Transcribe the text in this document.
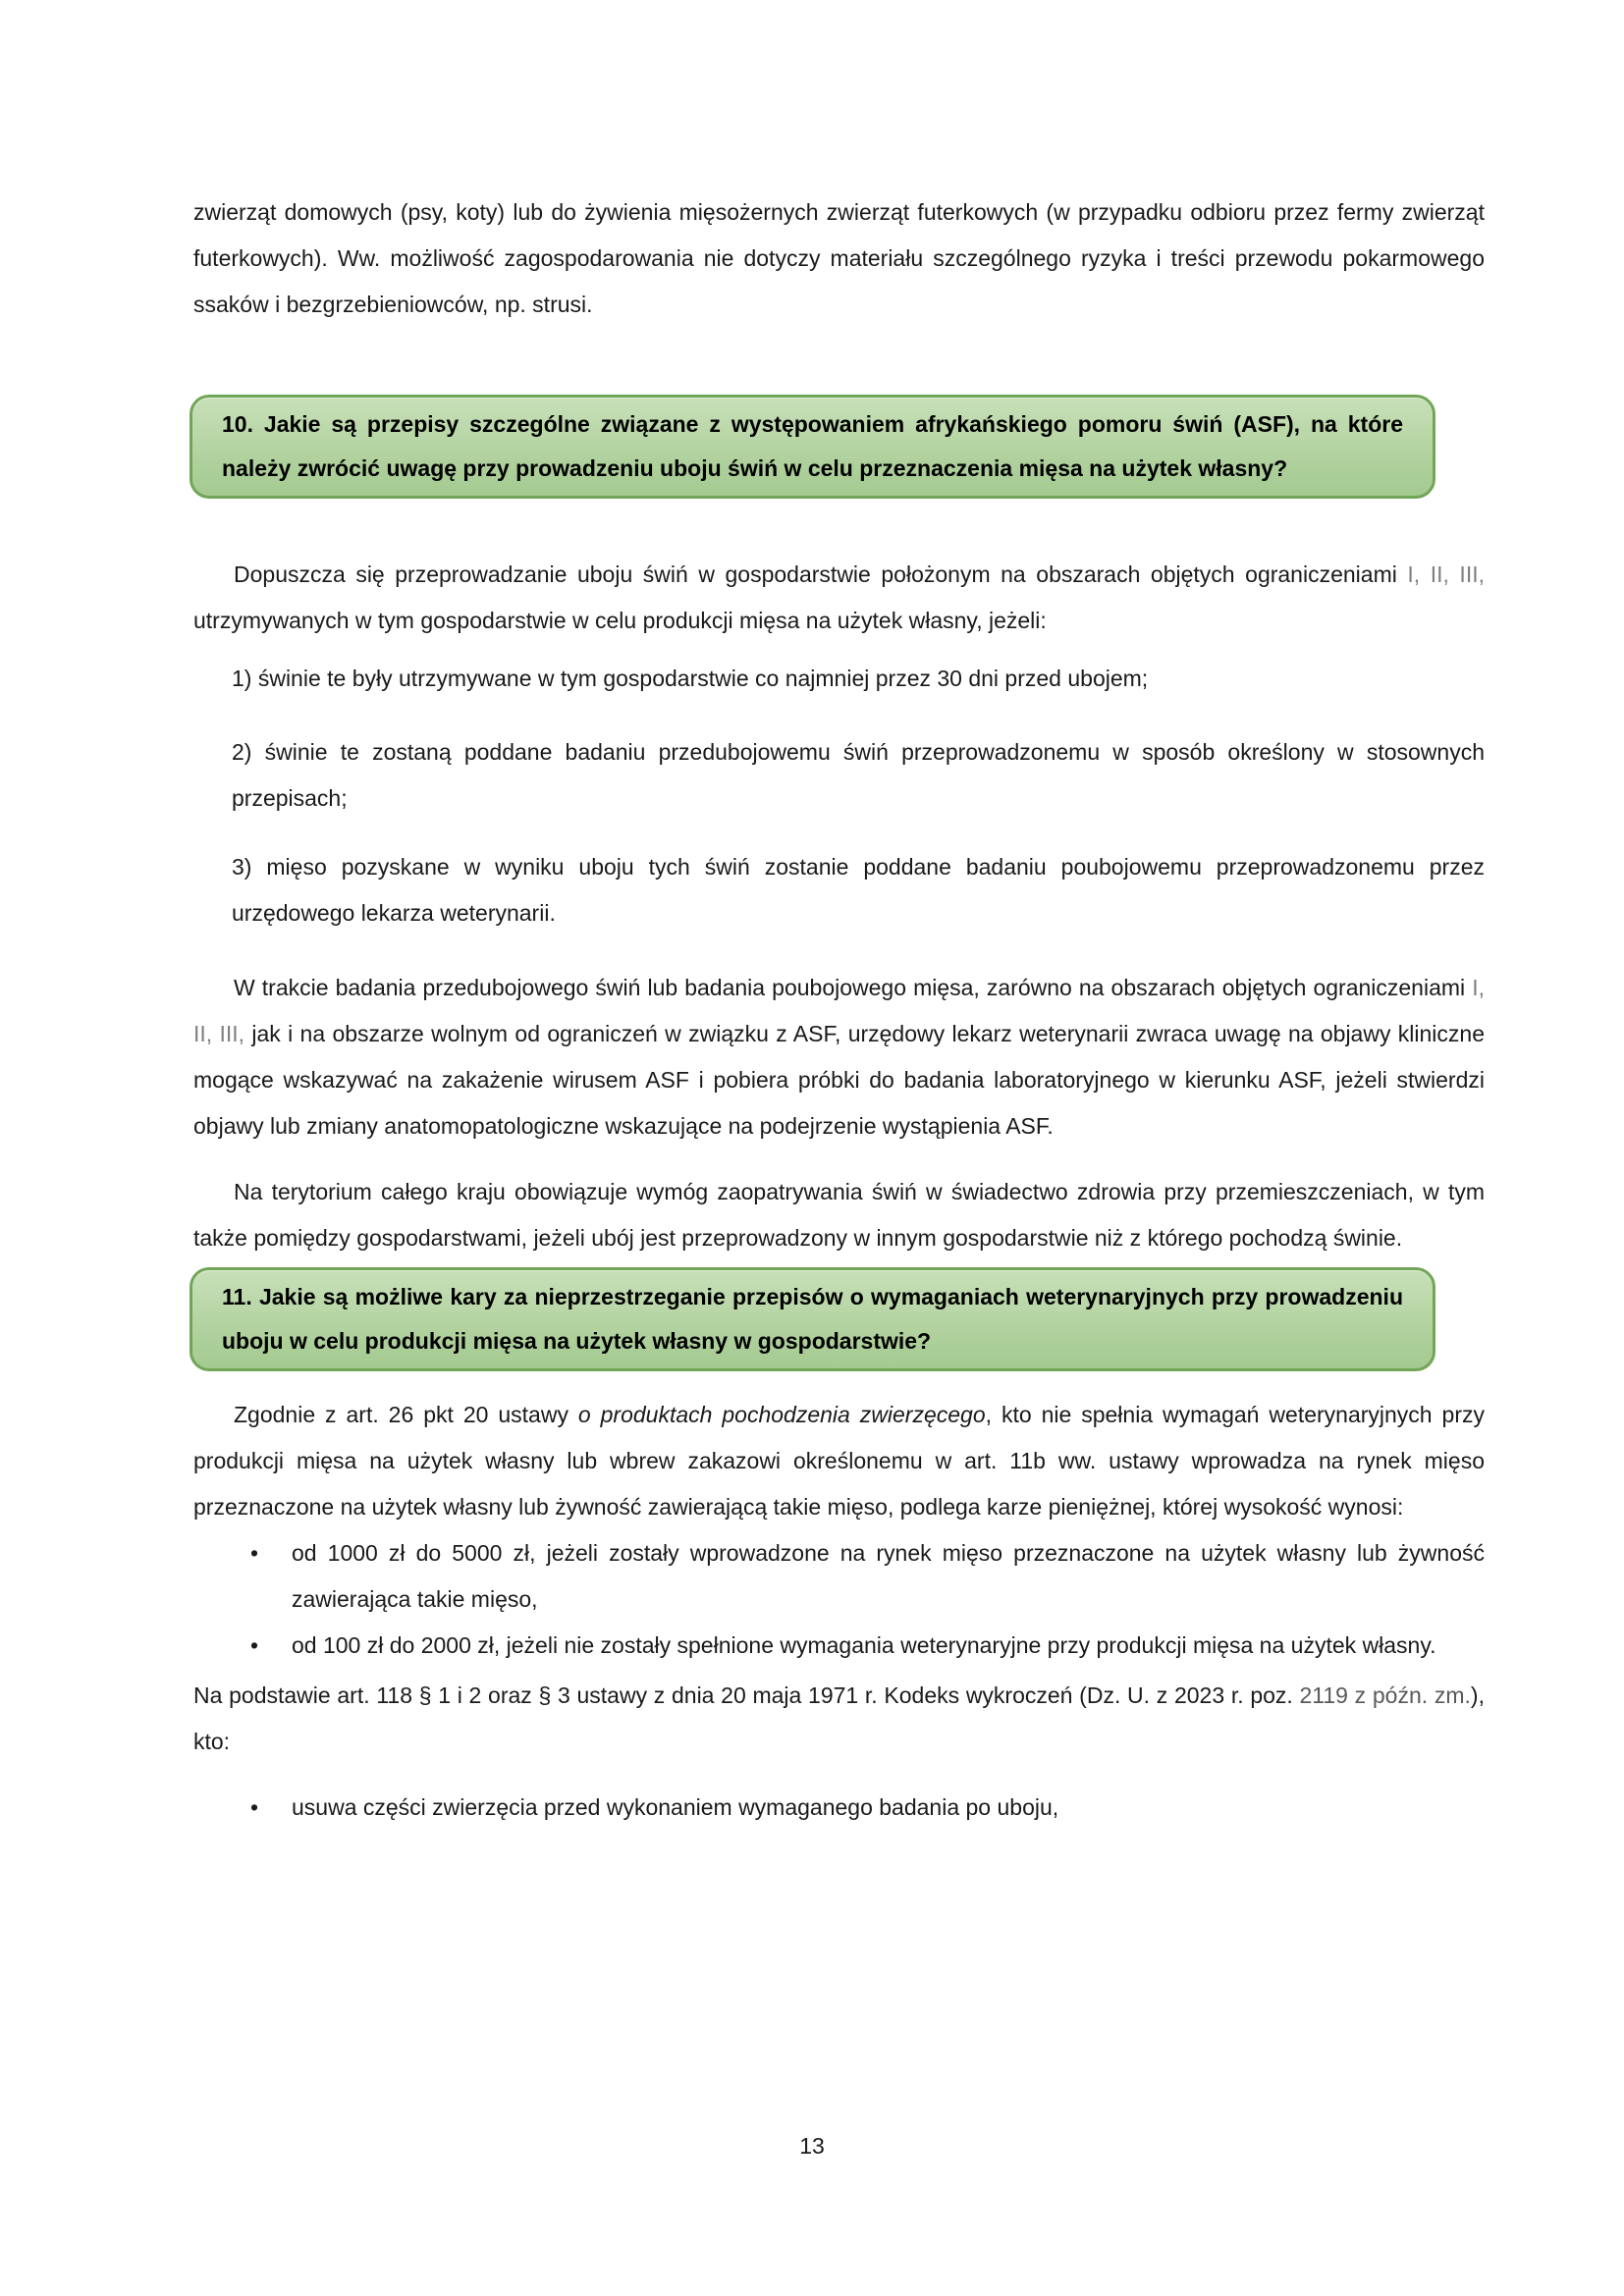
zwierząt domowych (psy, koty) lub do żywienia mięsożernych zwierząt futerkowych (w przypadku odbioru przez fermy zwierząt futerkowych). Ww. możliwość zagospodarowania nie dotyczy materiału szczególnego ryzyka i treści przewodu pokarmowego ssaków i bezgrzebieniowców, np. strusi.

10. Jakie są przepisy szczególne związane z występowaniem afrykańskiego pomoru świń (ASF), na które należy zwrócić uwagę przy prowadzeniu uboju świń w celu przeznaczenia mięsa na użytek własny?

Dopuszcza się przeprowadzanie uboju świń w gospodarstwie położonym na obszarach objętych ograniczeniami I, II, III, utrzymywanych w tym gospodarstwie w celu produkcji mięsa na użytek własny, jeżeli:

1) świnie te były utrzymywane w tym gospodarstwie co najmniej przez 30 dni przed ubojem;

2) świnie te zostaną poddane badaniu przedubojowemu świń przeprowadzonemu w sposób określony w stosownych przepisach;

3) mięso pozyskane w wyniku uboju tych świń zostanie poddane badaniu poubojowemu przeprowadzonemu przez urzędowego lekarza weterynarii.

W trakcie badania przedubojowego świń lub badania poubojowego mięsa, zarówno na obszarach objętych ograniczeniami I, II, III, jak i na obszarze wolnym od ograniczeń w związku z ASF, urzędowy lekarz weterynarii zwraca uwagę na objawy kliniczne mogące wskazywać na zakażenie wirusem ASF i pobiera próbki do badania laboratoryjnego w kierunku ASF, jeżeli stwierdzi objawy lub zmiany anatomopatologiczne wskazujące na podejrzenie wystąpienia ASF.

Na terytorium całego kraju obowiązuje wymóg zaopatrywania świń w świadectwo zdrowia przy przemieszczeniach, w tym także pomiędzy gospodarstwami, jeżeli ubój jest przeprowadzony w innym gospodarstwie niż z którego pochodzą świnie.

11. Jakie są możliwe kary za nieprzestrzeganie przepisów o wymaganiach weterynaryjnych przy prowadzeniu uboju w celu produkcji mięsa na użytek własny w gospodarstwie?

Zgodnie z art. 26 pkt 20 ustawy o produktach pochodzenia zwierzęcego, kto nie spełnia wymagań weterynaryjnych przy produkcji mięsa na użytek własny lub wbrew zakazowi określonemu w art. 11b ww. ustawy wprowadza na rynek mięso przeznaczone na użytek własny lub żywność zawierającą takie mięso, podlega karze pieniężnej, której wysokość wynosi:

• od 1000 zł do 5000 zł, jeżeli zostały wprowadzone na rynek mięso przeznaczone na użytek własny lub żywność zawierająca takie mięso,
• od 100 zł do 2000 zł, jeżeli nie zostały spełnione wymagania weterynaryjne przy produkcji mięsa na użytek własny.

Na podstawie art. 118 § 1 i 2 oraz § 3 ustawy z dnia 20 maja 1971 r. Kodeks wykroczeń (Dz. U. z 2023 r. poz. 2119 z późn. zm.), kto:

• usuwa części zwierzęcia przed wykonaniem wymaganego badania po uboju,
13
